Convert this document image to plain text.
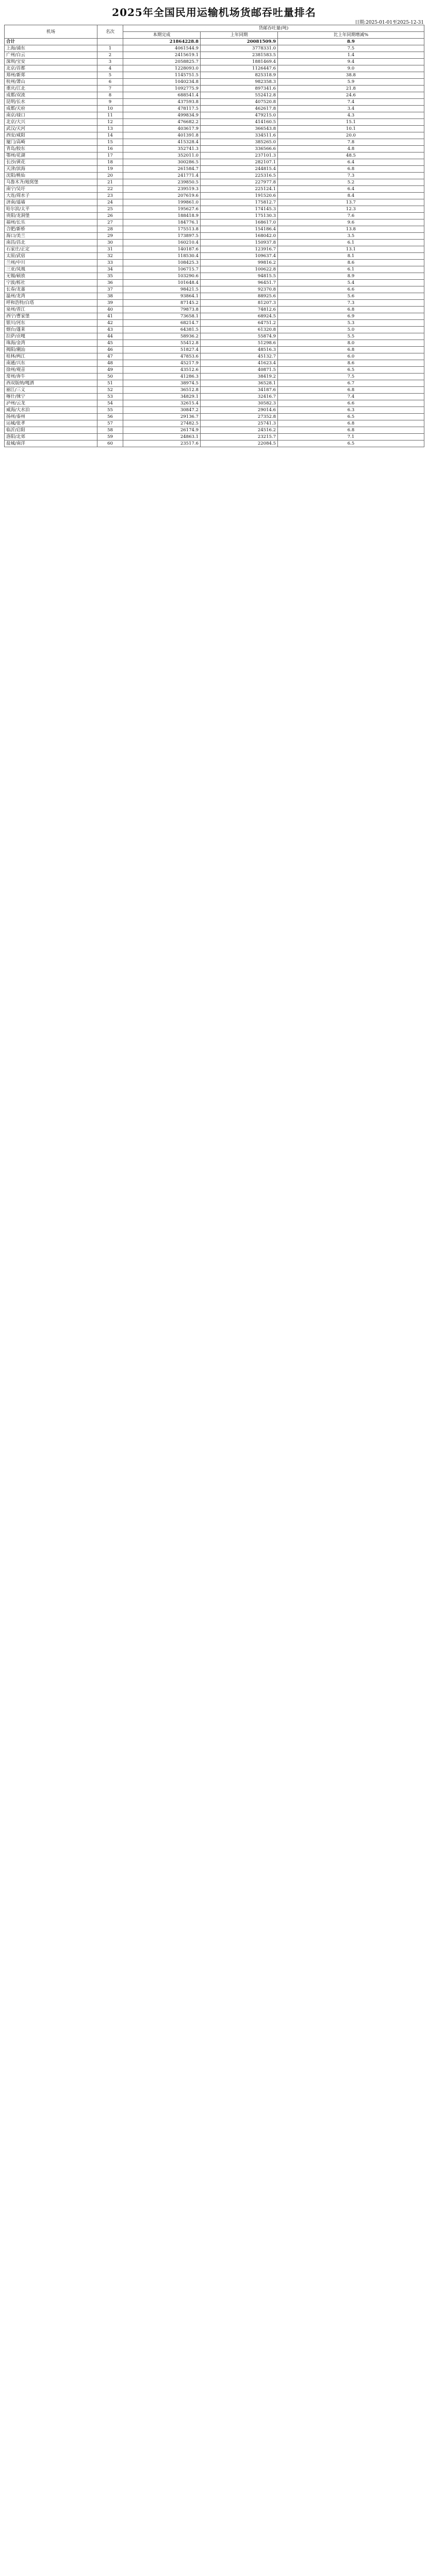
2025年全国民用运输机场货邮吞吐量排名
日期:2025-01-01至2025-12-31
机场	名次	货邮吞吐量(吨)		
		本期完成	上年同期	比上年同期增减%
合计		21864228.8	20081509.9	8.9
上海/浦东	1	4061544.9	3778331.0	7.5
广州/白云	2	2415619.1	2381583.5	1.4
深圳/宝安	3	2058825.7	1881469.4	9.4
北京/首都	4	1228093.0	1126447.6	9.0
郑州/新郑	5	1145751.5	825318.9	38.8
杭州/萧山	6	1040234.8	982358.3	5.9
重庆/江北	7	1092775.9	897341.6	21.8
成都/双流	8	688541.4	552412.8	24.6
昆明/长水	9	437593.8	407520.8	7.4
成都/天府	10	478117.5	462617.8	3.4
南京/禄口	11	499834.9	479215.0	4.3
北京/大兴	12	476682.2	414160.5	15.1
武汉/天河	13	403617.9	366543.8	10.1
西安/咸阳	14	401391.8	334511.6	20.0
厦门/高崎	15	415328.4	385265.0	7.8
青岛/胶东	16	352741.3	336566.6	4.8
鄂州/花湖	17	352011.0	237101.3	48.5
长沙/黄花	18	300286.5	282107.1	6.4
天津/滨海	19	261584.7	244815.4	6.8
沈阳/桃仙	20	241771.4	225316.5	7.3
乌鲁木齐/地窝堡	21	239850.5	227977.8	5.2
南宁/吴圩	22	239519.3	225124.1	6.4
大连/周水子	23	207619.6	191520.6	8.4
济南/遥墙	24	199861.0	175812.7	13.7
哈尔滨/太平	25	195627.6	174145.3	12.3
贵阳/龙洞堡	26	188418.9	175130.3	7.6
福州/长乐	27	184776.1	168617.0	9.6
合肥/新桥	28	175513.8	154186.4	13.8
海口/美兰	29	173897.5	168042.0	3.5
南昌/昌北	30	160210.4	150937.8	6.1
石家庄/正定	31	140187.6	123916.7	13.1
太原/武宿	32	118530.4	109637.4	8.1
兰州/中川	33	108425.3	99816.2	8.6
三亚/凤凰	34	106715.7	100622.8	6.1
无锡/硕放	35	103290.6	94815.5	8.9
宁波/栎社	36	101648.4	96451.7	5.4
长春/龙嘉	37	98421.5	92370.8	6.6
温州/龙湾	38	93864.1	88925.6	5.6
呼和浩特/白塔	39	87145.2	81207.3	7.3
泉州/晋江	40	79873.8	74812.6	6.8
西宁/曹家堡	41	73658.1	68924.5	6.9
银川/河东	42	68214.7	64751.2	5.3
烟台/蓬莱	43	64381.5	61320.8	5.0
拉萨/贡嘎	44	58936.2	55874.9	5.5
珠海/金湾	45	55412.8	51298.6	8.0
揭阳/潮汕	46	51827.4	48516.3	6.8
桂林/两江	47	47853.6	45132.7	6.0
南通/兴东	48	45217.9	41623.4	8.6
徐州/观音	49	43512.6	40871.5	6.5
常州/奔牛	50	41286.3	38419.2	7.5
西双版纳/嘎洒	51	38974.5	36528.1	6.7
丽江/三义	52	36512.8	34187.6	6.8
喀什/徕宁	53	34829.1	32416.7	7.4
泸州/云龙	54	32615.4	30582.3	6.6
威海/大水泊	55	30847.2	29014.6	6.3
扬州/泰州	56	29136.7	27352.8	6.5
运城/张孝	57	27482.5	25741.3	6.8
临沂/启阳	58	26174.9	24516.2	6.8
洛阳/北郊	59	24863.1	23215.7	7.1
盐城/南洋	60	23517.6	22084.5	6.5
